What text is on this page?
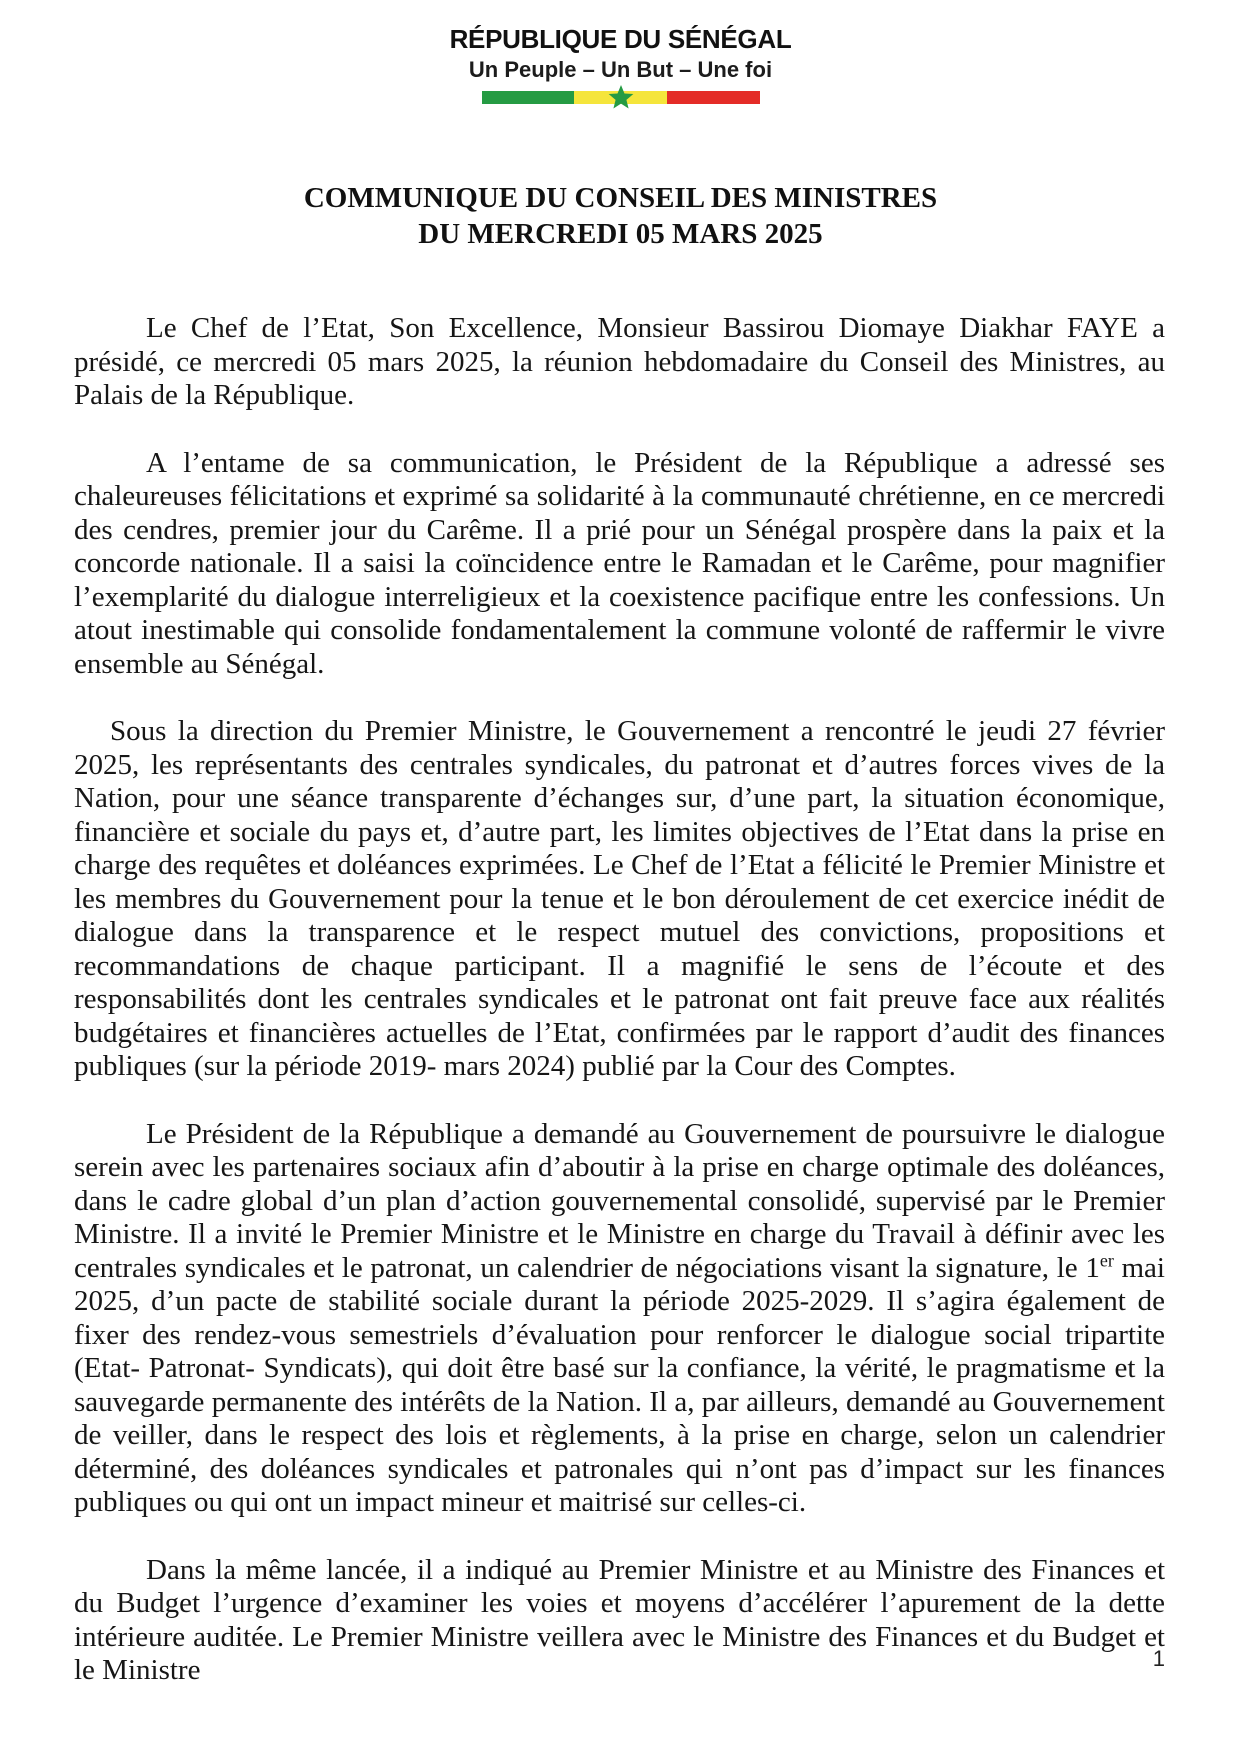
RÉPUBLIQUE DU SÉNÉGAL
Un Peuple – Un But – Une foi
COMMUNIQUE DU CONSEIL DES MINISTRES
DU MERCREDI 05 MARS 2025

Le Chef de l’Etat, Son Excellence, Monsieur Bassirou Diomaye Diakhar FAYE a présidé, ce mercredi 05 mars 2025, la réunion hebdomadaire du Conseil des Ministres, au Palais de la République.

A l’entame de sa communication, le Président de la République a adressé ses chaleureuses félicitations et exprimé sa solidarité à la communauté chrétienne, en ce mercredi des cendres, premier jour du Carême. Il a prié pour un Sénégal prospère dans la paix et la concorde nationale. Il a saisi la coïncidence entre le Ramadan et le Carême, pour magnifier l’exemplarité du dialogue interreligieux et la coexistence pacifique entre les confessions. Un atout inestimable qui consolide fondamentalement la commune volonté de raffermir le vivre ensemble au Sénégal.

Sous la direction du Premier Ministre, le Gouvernement a rencontré le jeudi 27 février 2025, les représentants des centrales syndicales, du patronat et d’autres forces vives de la Nation, pour une séance transparente d’échanges sur, d’une part, la situation économique, financière et sociale du pays et, d’autre part, les limites objectives de l’Etat dans la prise en charge des requêtes et doléances exprimées. Le Chef de l’Etat a félicité le Premier Ministre et les membres du Gouvernement pour la tenue et le bon déroulement de cet exercice inédit de dialogue dans la transparence et le respect mutuel des convictions, propositions et recommandations de chaque participant. Il a magnifié le sens de l’écoute et des responsabilités dont les centrales syndicales et le patronat ont fait preuve face aux réalités budgétaires et financières actuelles de l’Etat, confirmées par le rapport d’audit des finances publiques (sur la période 2019- mars 2024) publié par la Cour des Comptes.

Le Président de la République a demandé au Gouvernement de poursuivre le dialogue serein avec les partenaires sociaux afin d’aboutir à la prise en charge optimale des doléances, dans le cadre global d’un plan d’action gouvernemental consolidé, supervisé par le Premier Ministre. Il a invité le Premier Ministre et le Ministre en charge du Travail à définir avec les centrales syndicales et le patronat, un calendrier de négociations visant la signature, le 1er mai 2025, d’un pacte de stabilité sociale durant la période 2025-2029. Il s’agira également de fixer des rendez-vous semestriels d’évaluation pour renforcer le dialogue social tripartite (Etat- Patronat- Syndicats), qui doit être basé sur la confiance, la vérité, le pragmatisme et la sauvegarde permanente des intérêts de la Nation. Il a, par ailleurs, demandé au Gouvernement de veiller, dans le respect des lois et règlements, à la prise en charge, selon un calendrier déterminé, des doléances syndicales et patronales qui n’ont pas d’impact sur les finances publiques ou qui ont un impact mineur et maitrisé sur celles-ci.

Dans la même lancée, il a indiqué au Premier Ministre et au Ministre des Finances et du Budget l’urgence d’examiner les voies et moyens d’accélérer l’apurement de la dette intérieure auditée. Le Premier Ministre veillera avec le Ministre des Finances et du Budget et le Ministre	1
